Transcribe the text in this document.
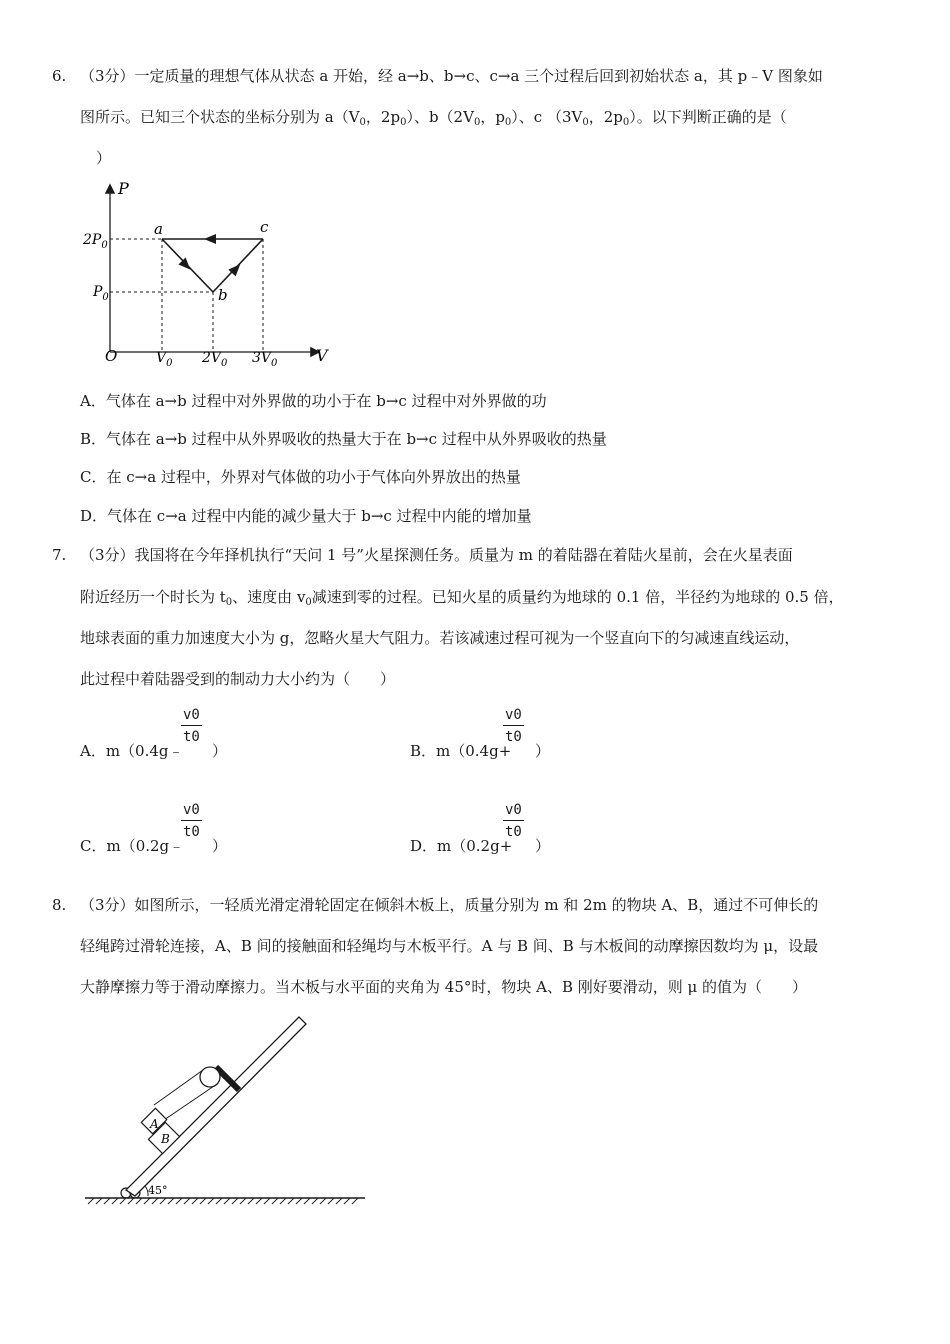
6. （3分）一定质量的理想气体从状态 a 开始，经 a→b、b→c、c→a 三个过程后回到初始状态 a，其 p﹣V 图象如
图所示。已知三个状态的坐标分别为 $a(V_0$，$2p_0$）、$b(2V_0$，$p_0$）、c （$3V_0$，$2p_0$）。以下判断正确的是（
）
P
V
O
$2P_0$
$P_0$
$V_0$ $2V_0$ $3V_0$
a	c
b
A．气体在 a→b 过程中对外界做的功小于在 b→c 过程中对外界做的功
B．气体在 a→b 过程中从外界吸收的热量大于在 b→c 过程中从外界吸收的热量
C．在 c→a 过程中，外界对气体做的功小于气体向外界放出的热量
D．气体在 c→a 过程中内能的减少量大于 b→c 过程中内能的增加量
7. （3分）我国将在今年择机执行“天问 1 号”火星探测任务。质量为 m 的着陆器在着陆火星前，会在火星表面
附近经历一个时长为 $t_0$、速度由 $v_0$减速到零的过程。已知火星的质量约为地球的 0.1 倍，半径约为地球的 0.5 倍，
地球表面的重力加速度大小为 g，忽略火星大气阻力。若该减速过程可视为一个竖直向下的匀减速直线运动，
此过程中着陆器受到的制动力大小约为（　　）
A．m（0.4g﹣
v0
t0
）	B．m（0.4g+
v0
t0
）
C．m（0.2g﹣
v0
t0
）	D．m（0.2g+
v0
t0
）
8. （3分）如图所示，一轻质光滑定滑轮固定在倾斜木板上，质量分别为 m 和 2m 的物块 A、B，通过不可伸长的
轻绳跨过滑轮连接，A、B 间的接触面和轻绳均与木板平行。A 与 B 间、B 与木板间的动摩擦因数均为 μ，设最
大静摩擦力等于滑动摩擦力。当木板与水平面的夹角为 45°时，物块 A、B 刚好要滑动，则 μ 的值为（　　）
A
B
45°
